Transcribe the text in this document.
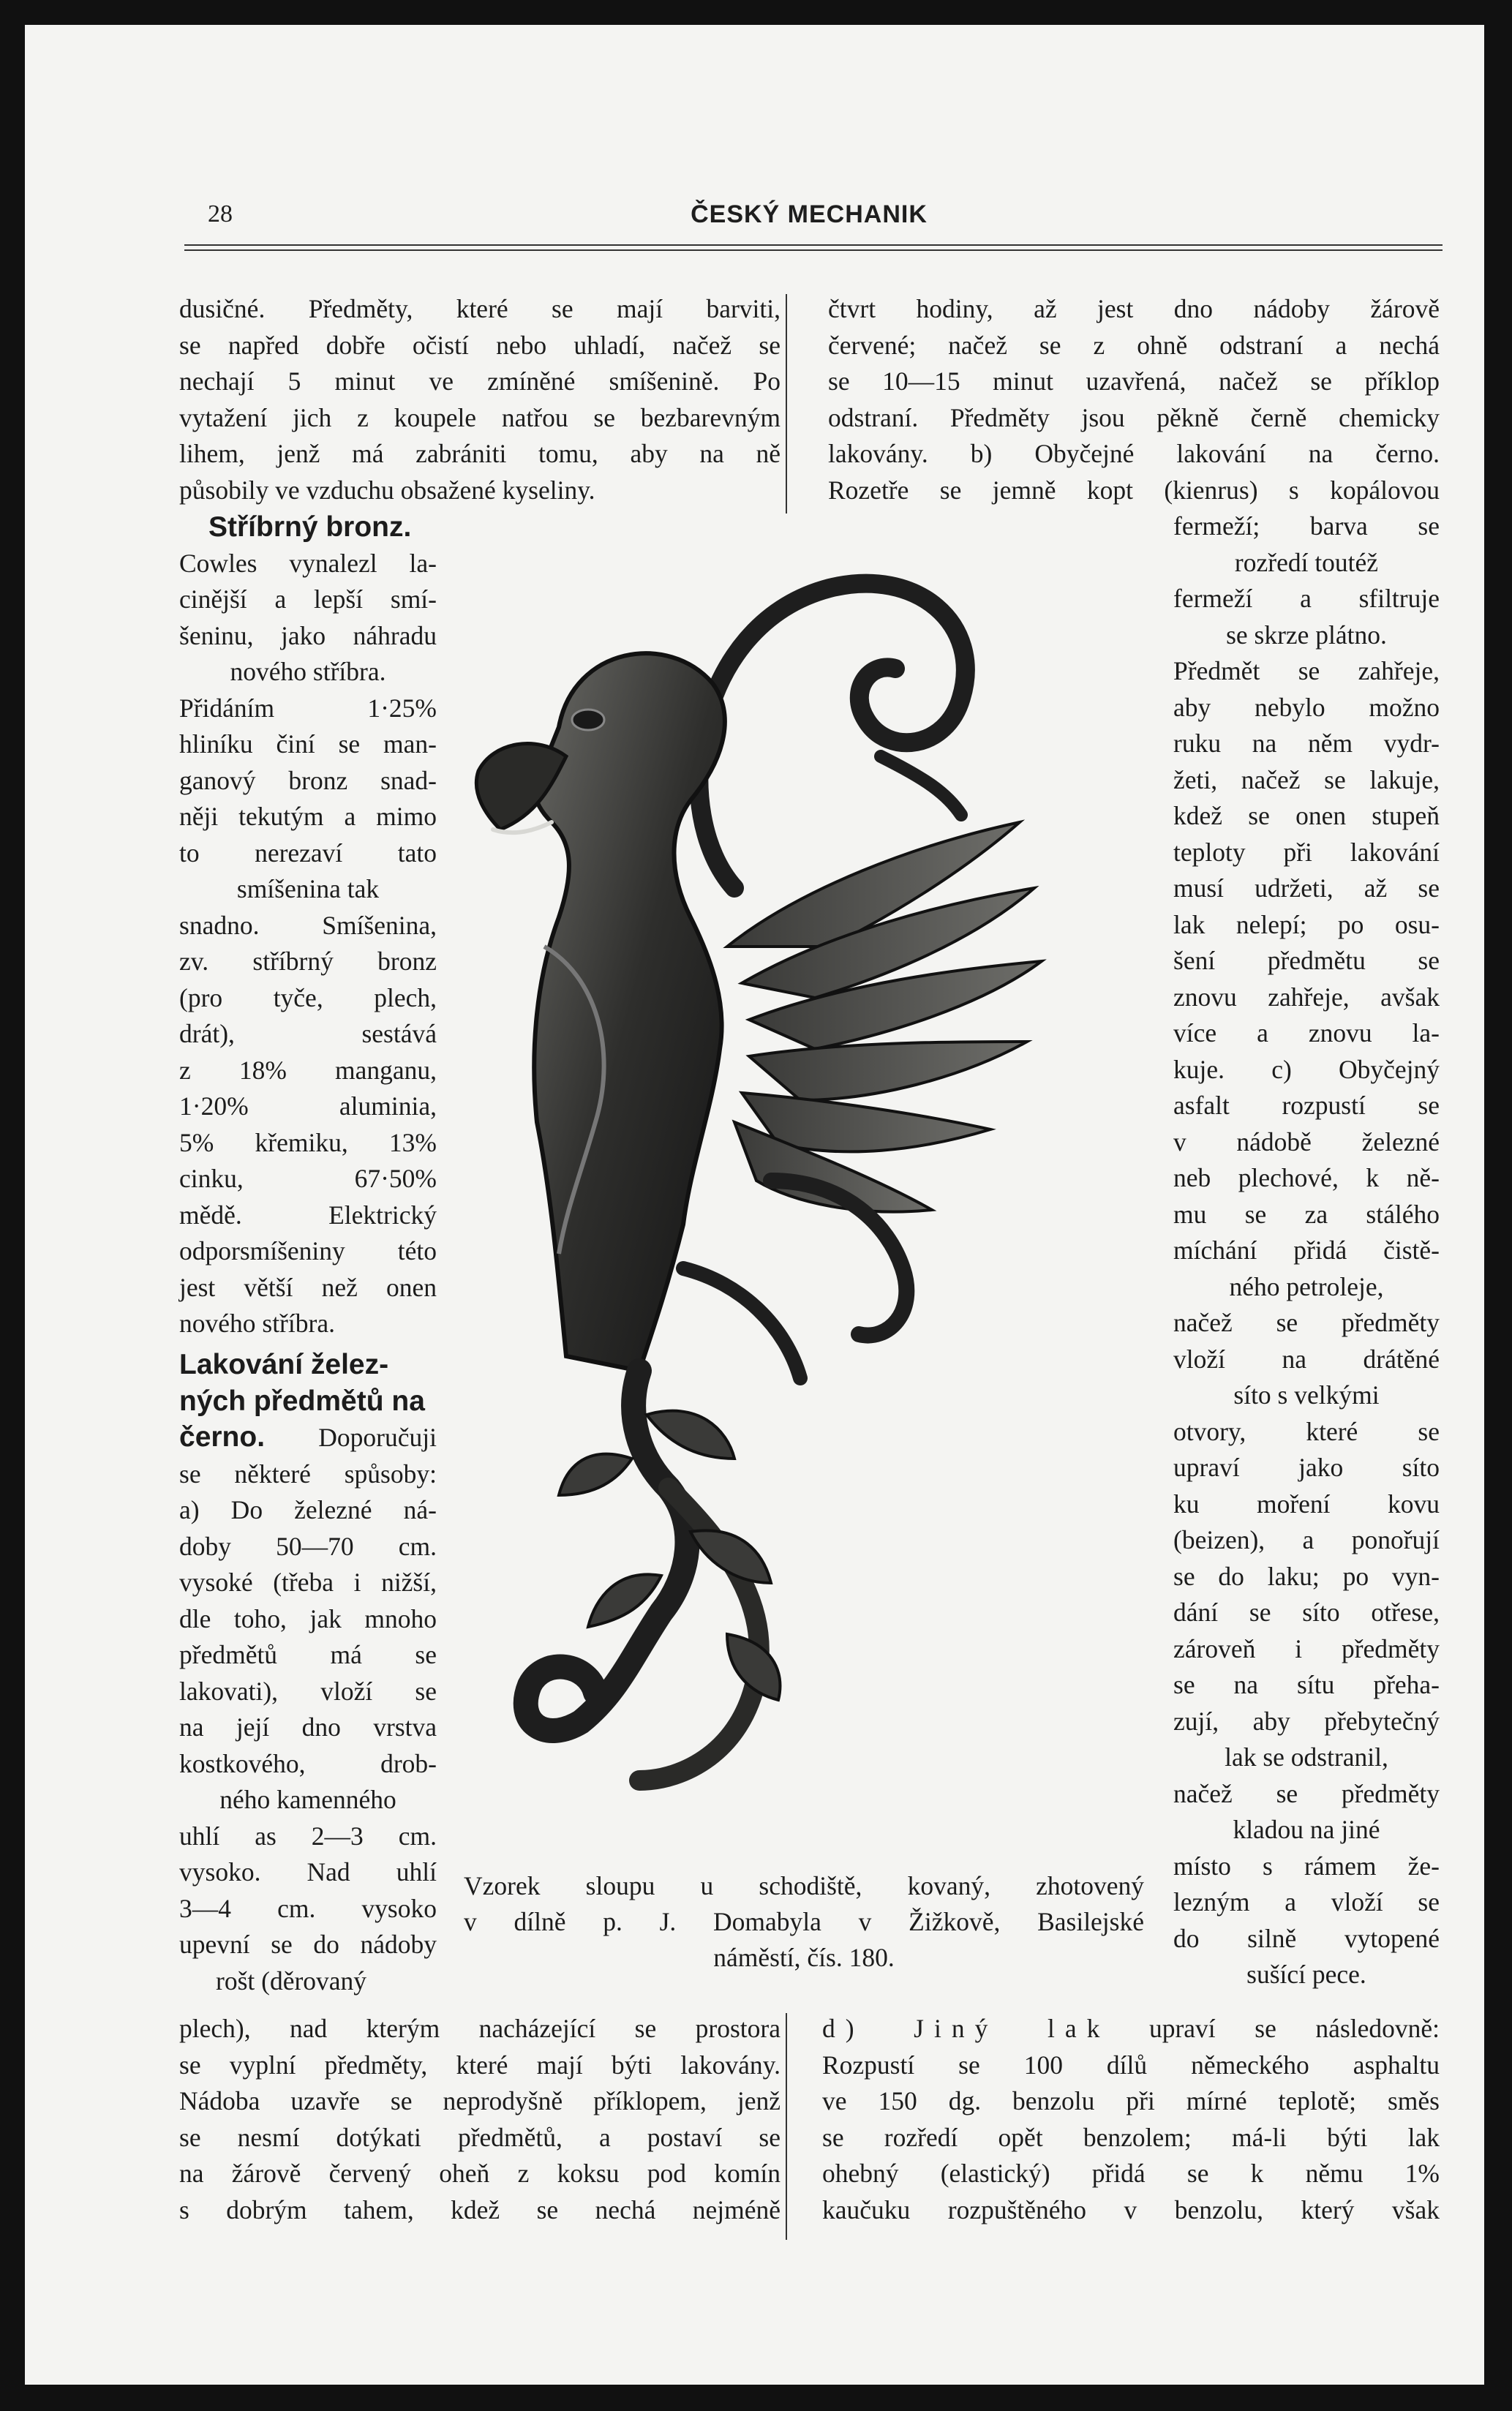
28	ČESKÝ MECHANIK
dusičné. Předměty, které se mají barviti,
se napřed dobře očistí nebo uhladí, načež se
nechají 5 minut ve zmíněné smíšenině. Po
vytažení jich z koupele natřou se bezbarevným
lihem, jenž má zabrániti tomu, aby na ně
působily ve vzduchu obsažené kyseliny.
Stříbrný bronz.
Cowles vynalezl la-
cinější a lepší smí-
šeninu, jako náhradu
nového stříbra.
Přidáním 1·25%
hliníku činí se man-
ganový bronz snad-
něji tekutým a mimo
to nerezaví tato
smíšenina tak
snadno. Smíšenina,
zv. stříbrný bronz
(pro tyče, plech,
drát), sestává
z 18% manganu,
1·20% aluminia,
5% křemiku, 13%
cinku, 67·50%
mědě. Elektrický
odporsmíšeniny této
jest větší než onen
nového stříbra.
Lakování želez-
ných předmětů na
černo. Doporučuji
se některé spůsoby:
a) Do železné ná-
doby 50—70 cm.
vysoké (třeba i nižší,
dle toho, jak mnoho
předmětů má se
lakovati), vloží se
na její dno vrstva
kostkového, drob-
ného kamenného
uhlí as 2—3 cm.
vysoko. Nad uhlí
3—4 cm. vysoko
upevní se do nádoby
rošt (děrovaný
plech), nad kterým nacházející se prostora
se vyplní předměty, které mají býti lakovány.
Nádoba uzavře se neprodyšně příklopem, jenž
se nesmí dotýkati předmětů, a postaví se
na žárově červený oheň z koksu pod komín
s dobrým tahem, kdež se nechá nejméně
čtvrt hodiny, až jest dno nádoby žárově
červené; načež se z ohně odstraní a nechá
se 10—15 minut uzavřená, načež se příklop
odstraní. Předměty jsou pěkně černě chemicky
lakovány. b) Obyčejné lakování na černo.
Rozetře se jemně kopt (kienrus) s kopálovou
fermeží; barva se
rozředí toutéž
fermeží a sfiltruje
se skrze plátno.
Předmět se zahřeje,
aby nebylo možno
ruku na něm vydr-
žeti, načež se lakuje,
kdež se onen stupeň
teploty při lakování
musí udržeti, až se
lak nelepí; po osu-
šení předmětu se
znovu zahřeje, avšak
více a znovu la-
kuje. c) Obyčejný
asfalt rozpustí se
v nádobě železné
neb plechové, k ně-
mu se za stálého
míchání přidá čistě-
ného petroleje,
načež se předměty
vloží na drátěné
síto s velkými
otvory, které se
upraví jako síto
ku moření kovu
(beizen), a ponořují
se do laku; po vyn-
dání se síto otřese,
zároveň i předměty
se na sítu přeha-
zují, aby přebytečný
lak se odstranil,
načež se předměty
kladou na jiné
místo s rámem že-
lezným a vloží se
do silně vytopené
sušící pece.
d) Jiný lak upraví se následovně:
Rozpustí se 100 dílů německého asphaltu
ve 150 dg. benzolu při mírné teplotě; směs
se rozředí opět benzolem; má-li býti lak
ohebný (elastický) přidá se k němu 1%
kaučuku rozpuštěného v benzolu, který však
Vzorek sloupu u schodiště, kovaný, zhotovený
v dílně p. J. Domabyla v Žižkově, Basilejské
náměstí, čís. 180.
